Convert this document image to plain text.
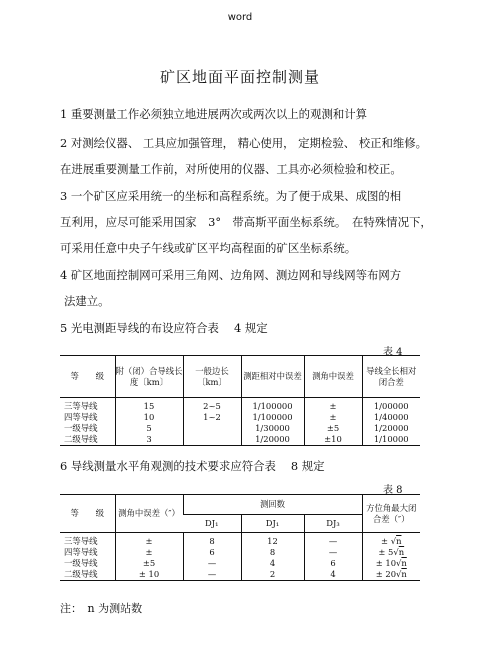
word
矿区地面平面控制测量
1 重要测量工作必须独立地进展两次或两次以上的观测和计算
2 对测绘仪器、 工具应加强管理， 精心使用， 定期检验、 校正和维修。
在进展重要测量工作前，对所使用的仪器、工具亦必须检验和校正。
3 一个矿区应采用统一的坐标和高程系统。为了便于成果、成图的相
互利用，应尽可能采用国家　3°　带高斯平面坐标系统。　在特殊情况下，
可采用任意中央子午线或矿区平均高程面的矿区坐标系统。
4 矿区地面控制网可采用三角网、边角网、测边网和导线网等布网方
法建立。
5 光电测距导线的布设应符合表　 4 规定
表 4
等　　级	附（闭）合导线长度〔km〕	一般边长〔km〕	测距相对中误差	测角中误差	导线全长相对闭合差
三等导线	15	2~5	1/100000	±	1/00000
四等导线	10	1~2	1/100000	±	1/40000
一级导线	5		1/30000	±5	1/20000
二级导线	3		1/20000	±10	1/10000
6 导线测量水平角观测的技术要求应符合表　 8 规定
表 8
等　　级	测角中误差（″）	测回数			方位角最大闭合差（″）
		DJ₁	DJ₁	DJ₃	
三等导线	±	8	12	—	± √n
四等导线	±	6	8	—	± 5√n
一级导线	±5	—	4	6	± 10√n
二级导线	± 10	—	2	4	± 20√n
注：　n 为测站数
